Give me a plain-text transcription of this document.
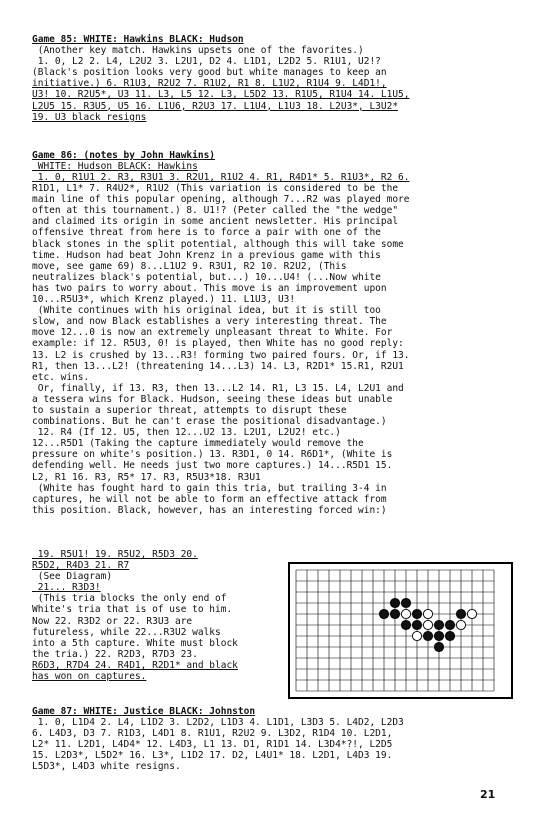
Game 85: WHITE: Hawkins BLACK: Hudson
(Another key match. Hawkins upsets one of the favorites.)
1. 0, L2 2. L4, L2U2 3. L2U1, D2 4. L1D1, L2D2 5. R1U1, U2!?
(Black's position looks very good but white manages to keep an
initiative.) 6. R1U3, R2U2 7. R1U2, R1 8. L1U2, R1U4 9. L4D1!,
U3! 10. R2U5*, U3 11. L3, L5 12. L3, L5D2 13. R1U5, R1U4 14. L1U5,
L2U5 15. R3U5, U5 16. L1U6, R2U3 17. L1U4, L1U3 18. L2U3*, L3U2*
19. U3 black resigns
Game 86: (notes by John Hawkins)
WHITE: Hudson BLACK: Hawkins
1. 0, R1U1 2. R3, R3U1 3. R2U1, R1U2 4. R1, R4D1* 5. R1U3*, R2 6.
R1D1, L1* 7. R4U2*, R1U2 (This variation is considered to be the
main line of this popular opening, although 7...R2 was played more
often at this tournament.) 8. U1!? (Peter called the "the wedge"
and claimed its origin in some ancient newsletter. His principal
offensive threat from here is to force a pair with one of the
black stones in the split potential, although this will take some
time. Hudson had beat John Krenz in a previous game with this
move, see game 69) 8...L1U2 9. R3U1, R2 10. R2U2, (This
neutralizes black's potential, but...) 10...U4! (...Now white
has two pairs to worry about. This move is an improvement upon
10...R5U3*, which Krenz played.) 11. L1U3, U3!
(White continues with his original idea, but it is still too
slow, and now Black establishes a very interesting threat. The
move 12...0 is now an extremely unpleasant threat to White. For
example: if 12. R5U3, 0! is played, then White has no good reply:
13. L2 is crushed by 13...R3! forming two paired fours. Or, if 13.
R1, then 13...L2! (threatening 14...L3) 14. L3, R2D1* 15.R1, R2U1
etc. wins.
Or, finally, if 13. R3, then 13...L2 14. R1, L3 15. L4, L2U1 and
a tessera wins for Black. Hudson, seeing these ideas but unable
to sustain a superior threat, attempts to disrupt these
combinations. But he can't erase the positional disadvantage.)
12. R4 (If 12. U5, then 12...U2 13. L2U1, L2U2! etc.)
12...R5D1 (Taking the capture immediately would remove the
pressure on white's position.) 13. R3D1, 0 14. R6D1*, (White is
defending well. He needs just two more captures.) 14...R5D1 15.
L2, R1 16. R3, R5* 17. R3, R5U3*18. R3U1
(White has fought hard to gain this tria, but trailing 3-4 in
captures, he will not be able to form an effective attack from
this position. Black, however, has an interesting forced win:)
19. R5U1! 19. R5U2, R5D3 20.
R5D2, R4D3 21. R7
(See Diagram)
21... R3D3!
(This tria blocks the only end of
White's tria that is of use to him.
Now 22. R3D2 or 22. R3U3 are
futureless, while 22...R3U2 walks
into a 5th capture. White must block
the tria.) 22. R2D3, R7D3 23.
R6D3, R7D4 24. R4D1, R2D1* and black
has won on captures.
Game 87: WHITE: Justice BLACK: Johnston
1. 0, L1D4 2. L4, L1D2 3. L2D2, L1D3 4. L1D1, L3D3 5. L4D2, L2D3
6. L4D3, D3 7. R1D3, L4D1 8. R1U1, R2U2 9. L3D2, R1D4 10. L2D1,
L2* 11. L2D1, L4D4* 12. L4D3, L1 13. D1, R1D1 14. L3D4*?!, L2D5
15. L2D3*, L5D2* 16. L3*, L1D2 17. D2, L4U1* 18. L2D1, L4D3 19.
L5D3*, L4D3 white resigns.
21
